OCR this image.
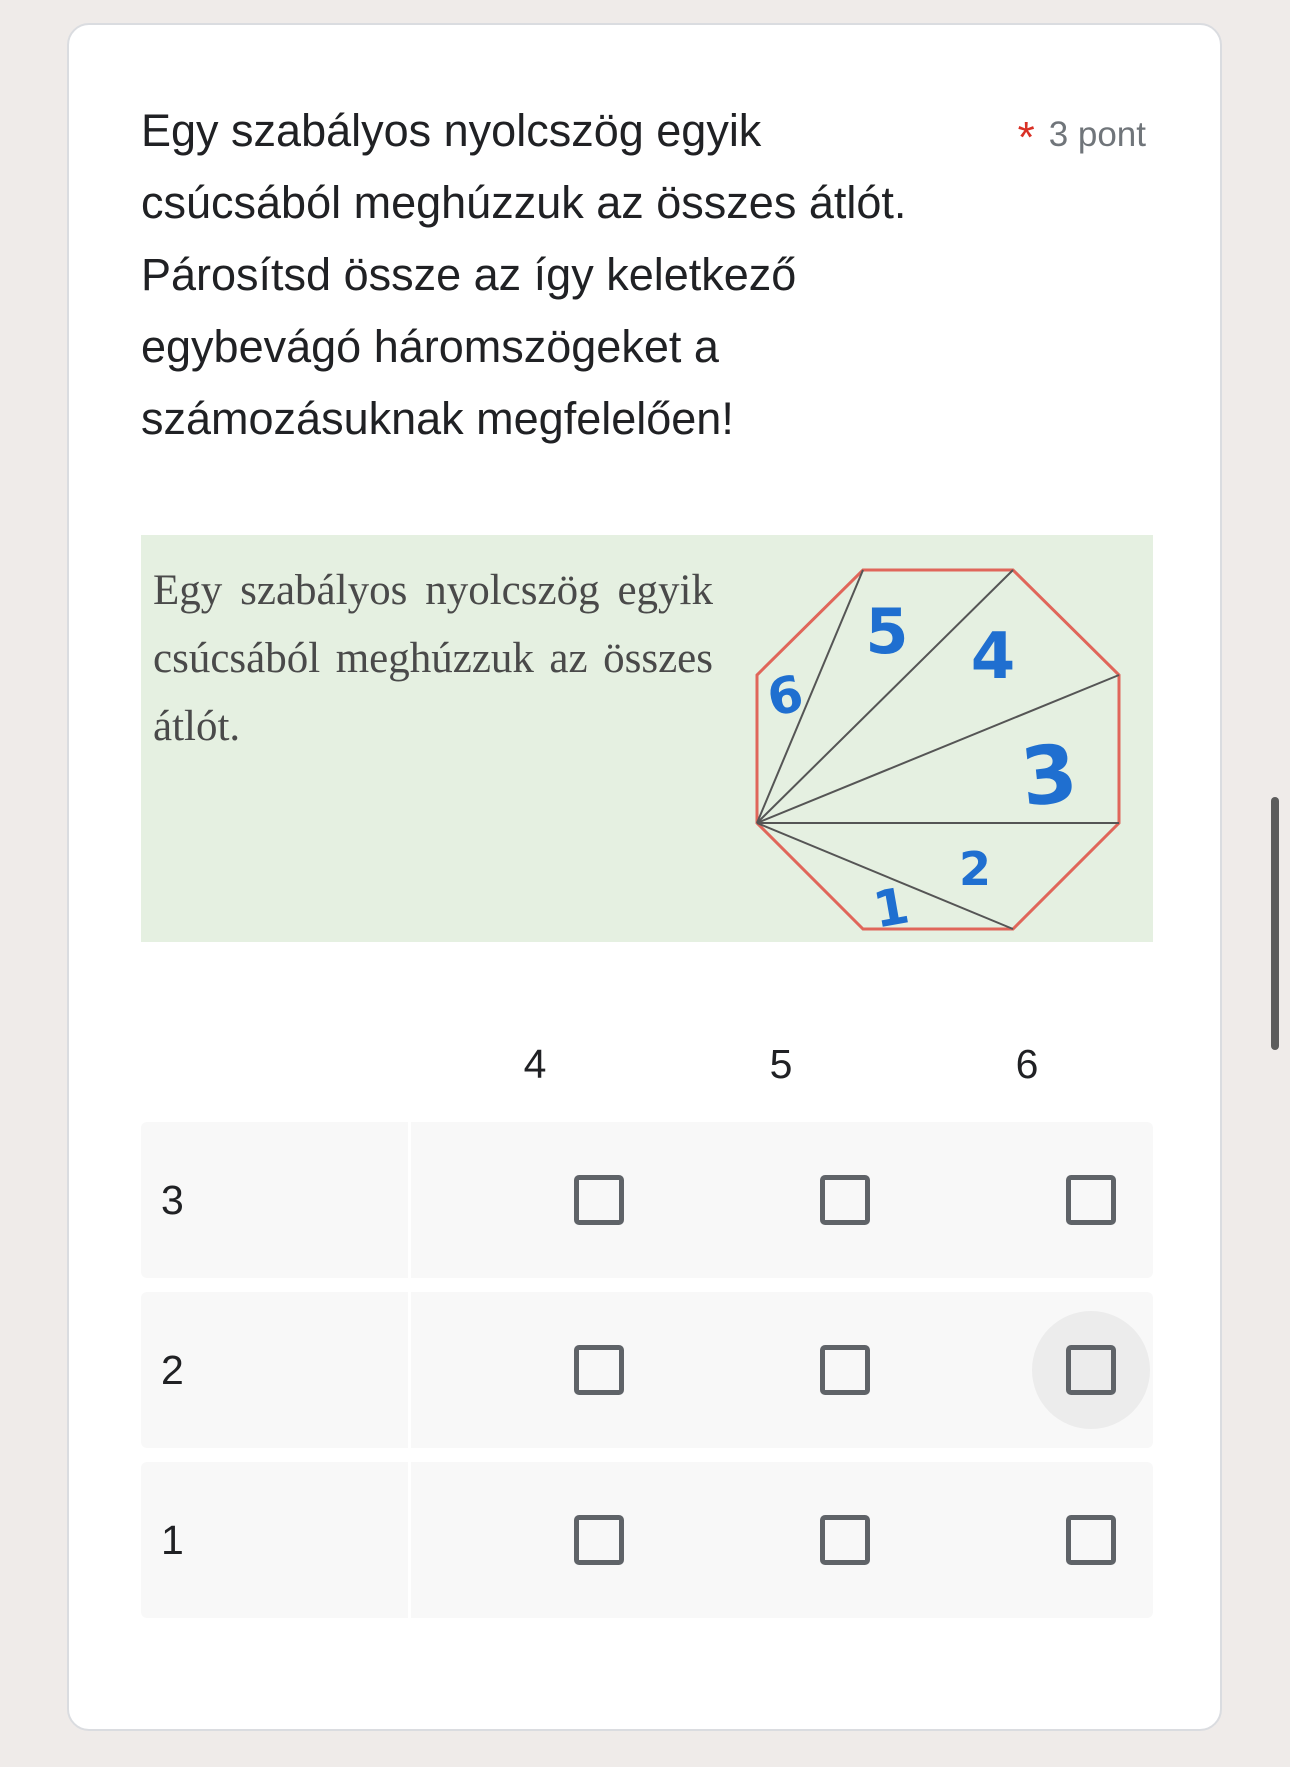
Egy szabályos nyolcszög egyik csúcsából meghúzzuk az összes átlót. Párosítsd össze az így keletkező egybevágó háromszögeket a számozásuknak megfelelően!

* 3 pont

Egy szabályos nyolcszög egyik csúcsából meghúzzuk az összes átlót.

1
2
3
4
5
6
4	5	6
3
2
1
